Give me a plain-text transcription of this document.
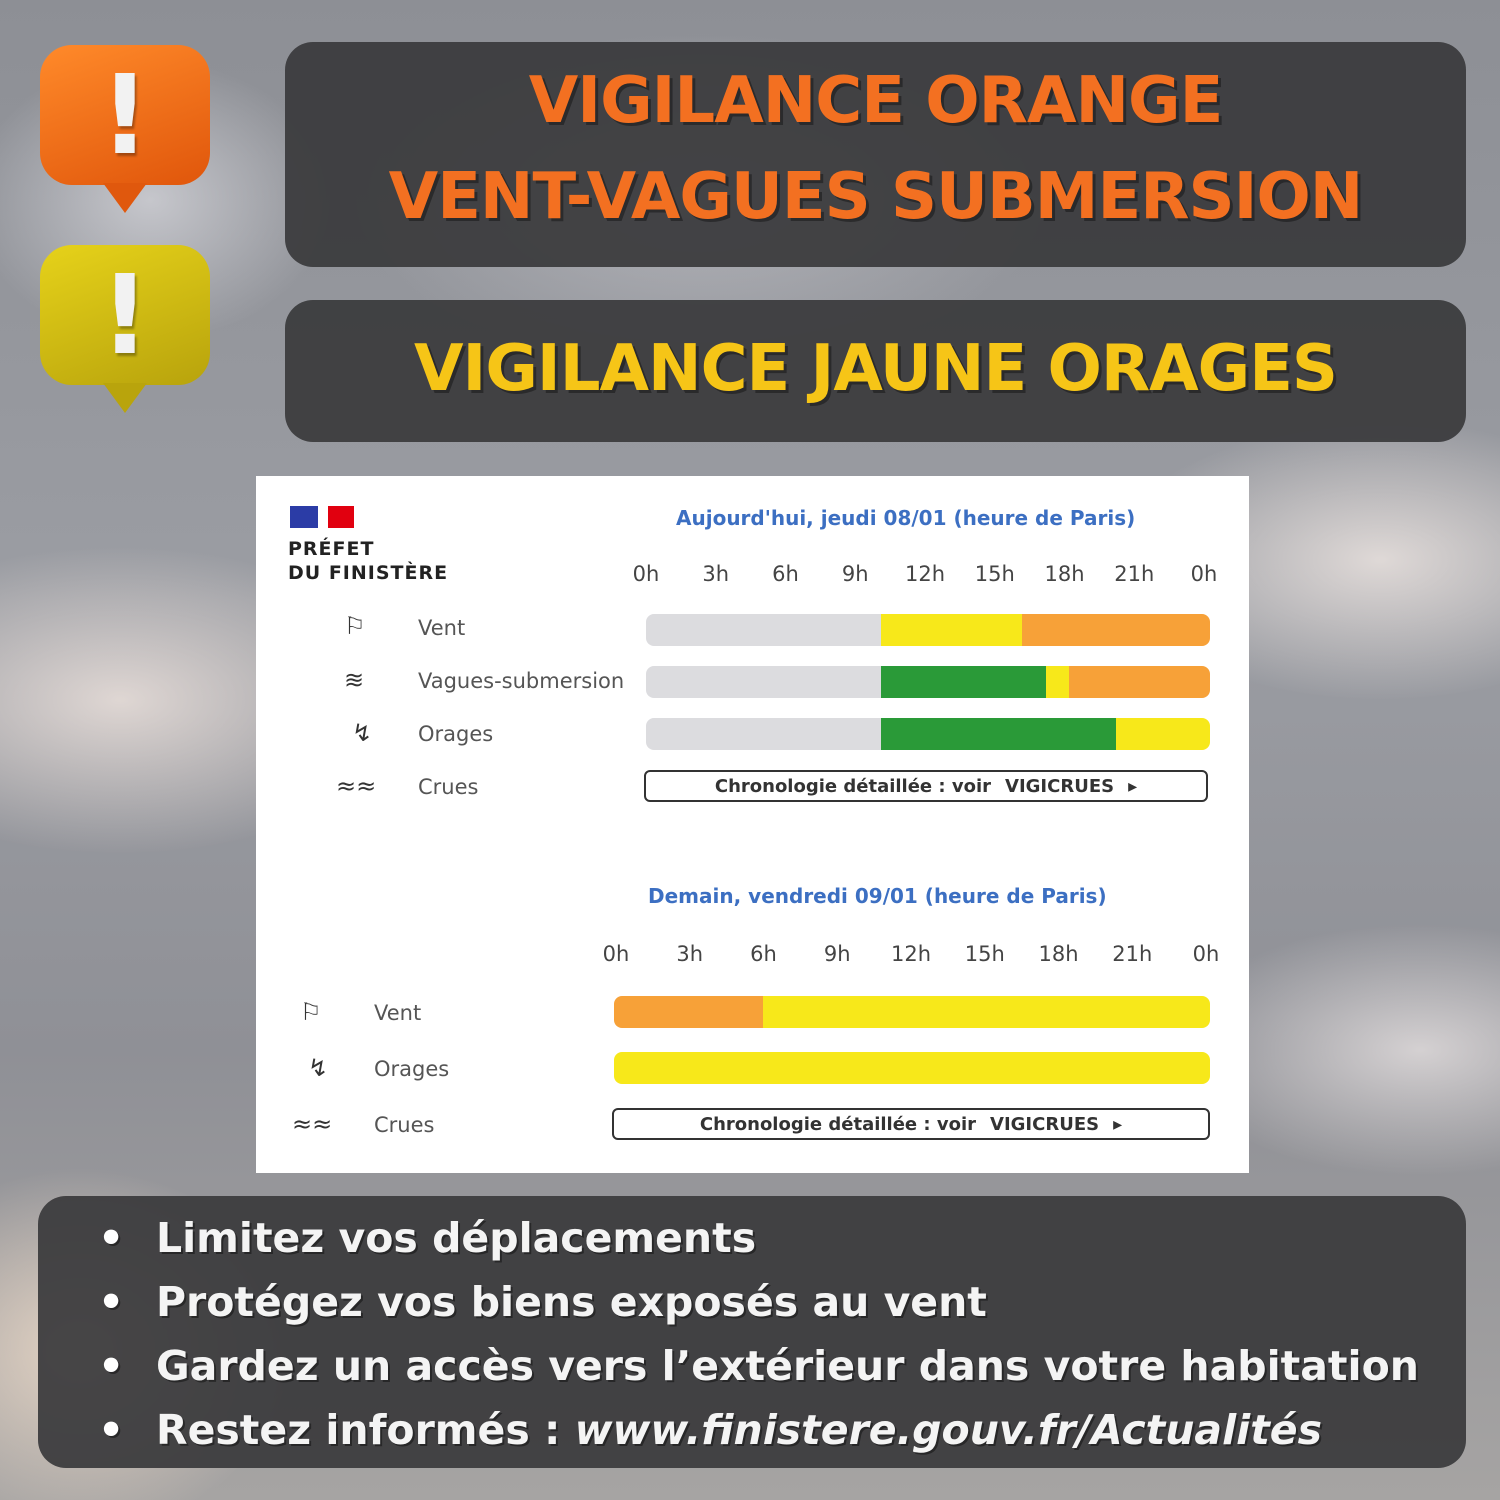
!
!
VIGILANCE ORANGE
VENT-VAGUES SUBMERSION
VIGILANCE JAUNE ORAGES
PRÉFET
DU FINISTÈRE
Aujourd'hui, jeudi 08/01 (heure de Paris)
⚐ Vent
≋	Vagues-submersion
↯ Orages
≈≈ Crues	Chronologie détaillée : voir VIGICRUES ▸
Demain, vendredi 09/01 (heure de Paris)
⚐ Vent
↯ Orages
≈≈ Crues	Chronologie détaillée : voir VIGICRUES ▸
0h 3h 6h 9h 12h 15h 18h 21h 0h
0h 3h 6h 9h 12h 15h 18h 21h 0h
• Limitez vos déplacements
• Protégez vos biens exposés au vent
• Gardez un accès vers l’extérieur dans votre habitation
• Restez informés : www.finistere.gouv.fr/Actualités
